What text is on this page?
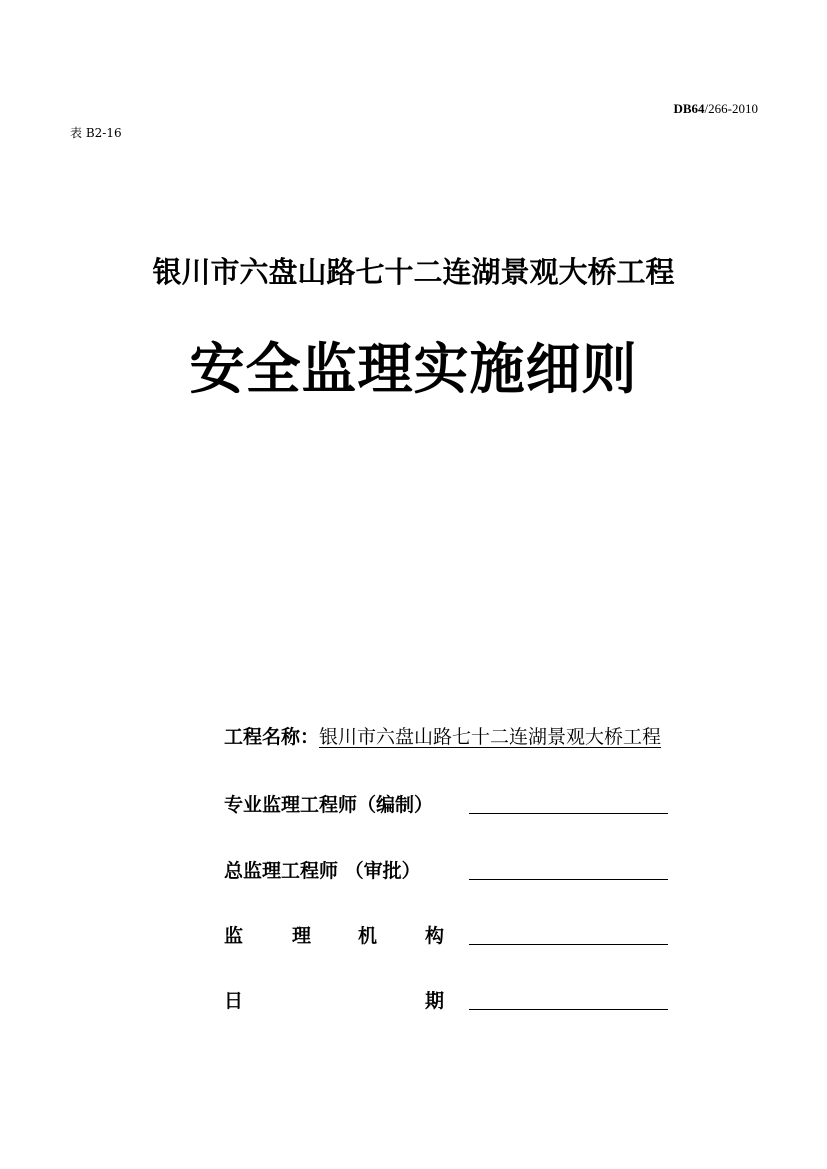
DB64/266-2010
表 B2-16
银川市六盘山路七十二连湖景观大桥工程
安全监理实施细则
工程名称：银川市六盘山路七十二连湖景观大桥工程
专业监理工程师（编制）
总监理工程师 （审批）
监	理 机	构
日	期
